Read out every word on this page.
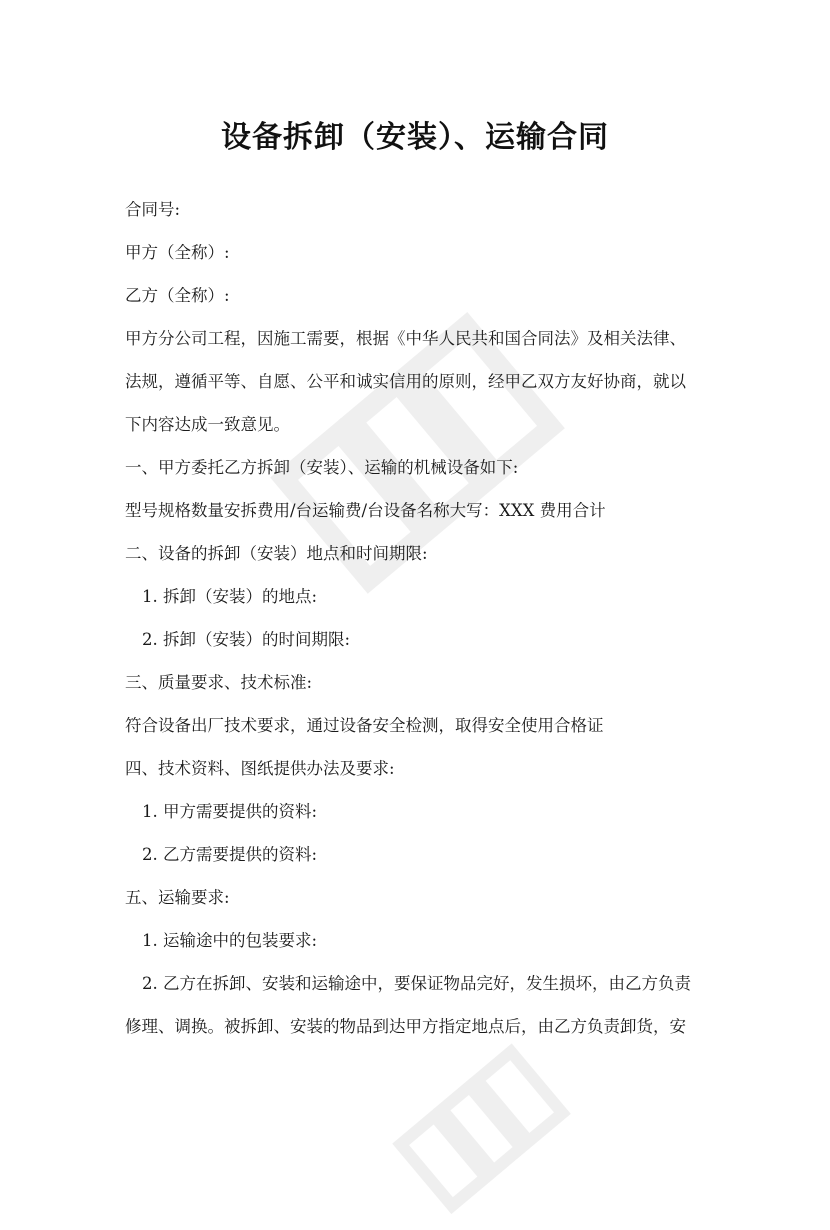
设备拆卸（安装）、运输合同
合同号:
甲方（全称）:
乙方（全称）:
甲方分公司工程，因施工需要，根据《中华人民共和国合同法》及相关法律、
法规，遵循平等、自愿、公平和诚实信用的原则，经甲乙双方友好协商，就以
下内容达成一致意见。
一、甲方委托乙方拆卸（安装）、运输的机械设备如下:
型号规格数量安拆费用/台运输费/台设备名称大写：XXX 费用合计
二、设备的拆卸（安装）地点和时间期限:
1. 拆卸（安装）的地点:
2. 拆卸（安装）的时间期限:
三、质量要求、技术标准:
符合设备出厂技术要求，通过设备安全检测，取得安全使用合格证
四、技术资料、图纸提供办法及要求:
1. 甲方需要提供的资料:
2. 乙方需要提供的资料:
五、运输要求:
1. 运输途中的包装要求:
2. 乙方在拆卸、安装和运输途中，要保证物品完好，发生损坏，由乙方负责
修理、调换。被拆卸、安装的物品到达甲方指定地点后，由乙方负责卸货，安
